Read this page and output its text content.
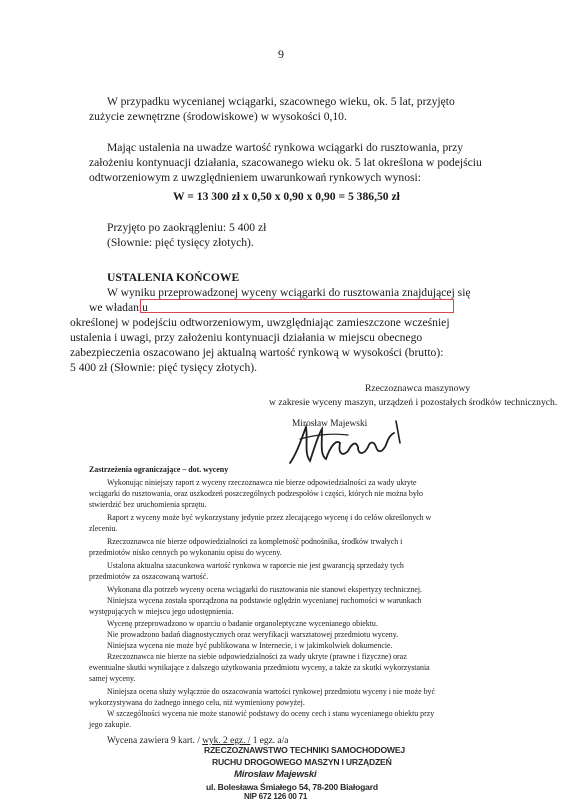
9
W przypadku wycenianej wciągarki, szacownego wieku, ok. 5 lat, przyjęto
zużycie zewnętrzne (środowiskowe) w wysokości 0,10.
Mając ustalenia na uwadze wartość rynkowa wciągarki do rusztowania, przy
założeniu kontynuacji działania, szacowanego wieku ok. 5 lat określona w podejściu
odtworzeniowym z uwzględnieniem uwarunkowań rynkowych wynosi:
W = 13 300 zł x 0,50 x 0,90 x 0,90 = 5 386,50 zł
Przyjęto po zaokrągleniu: 5 400 zł
(Słownie: pięć tysięcy złotych).
USTALENIA KOŃCOWE
W wyniku przeprowadzonej wyceny wciągarki do rusztowania znajdującej się
we władaniu
określonej w podejściu odtworzeniowym, uwzględniając zamieszczone wcześniej
ustalenia i uwagi, przy założeniu kontynuacji działania w miejscu obecnego
zabezpieczenia oszacowano jej aktualną wartość rynkową w wysokości (brutto):
5 400 zł (Słownie: pięć tysięcy złotych).
Rzeczoznawca maszynowy
w zakresie wyceny maszyn, urządzeń i pozostałych środków technicznych.
Mirosław Majewski
Zastrzeżenia ograniczające – dot. wyceny
Wykonując niniejszy raport z wyceny rzeczoznawca nie bierze odpowiedzialności za wady ukryte
wciągarki do rusztowania, oraz uszkodzeń poszczególnych podzespołów i części, których nie można było
stwierdzić bez uruchomienia sprzętu.
Raport z wyceny może być wykorzystany jedynie przez zlecającego wycenę i do celów określonych w
zleceniu.
Rzeczoznawca nie bierze odpowiedzialności za kompletność podnośnika, środków trwałych i
przedmiotów nisko cennych po wykonaniu opisu do wyceny.
Ustalona aktualna szacunkowa wartość rynkowa w raporcie nie jest gwarancją sprzedaży tych
przedmiotów za oszacowaną wartość.
Wykonana dla potrzeb wyceny ocena wciągarki do rusztowania nie stanowi ekspertyzy technicznej.
Niniejsza wycena została sporządzona na podstawie oględzin wycenianej ruchomości w warunkach
występujących w miejscu jego udostępnienia.
Wycenę przeprowadzono w oparciu o badanie organoleptyczne wycenianego obiektu.
Nie prowadzono badań diagnostycznych oraz weryfikacji warsztatowej przedmiotu wyceny.
Niniejsza wycena nie może być publikowana w Internecie, i w jakimkolwiek dokumencie.
Rzeczoznawca nie bierze na siebie odpowiedzialności za wady ukryte (prawne i fizyczne) oraz
ewentualne skutki wynikające z dalszego użytkowania przedmiotu wyceny, a także za skutki wykorzystania
samej wyceny.
Niniejsza ocena służy wyłącznie do oszacowania wartości rynkowej przedmiotu wyceny i nie może być
wykorzystywana do żadnego innego celu, niż wymieniony powyżej.
W szczególności wycena nie może stanowić podstawy do oceny cech i stanu wycenianego obiektu przy
jego zakupie.
Wycena zawiera 9 kart. / wyk. 2 egz. / 1 egz. a/a
RZECZOZNAWSTWO TECHNIKI SAMOCHODOWEJ
RUCHU DROGOWEGO MASZYN I URZĄDZEŃ
Mirosław Majewski
ul. Bolesława Śmiałego 54, 78-200 Białogard
NIP 672 126 00 71
